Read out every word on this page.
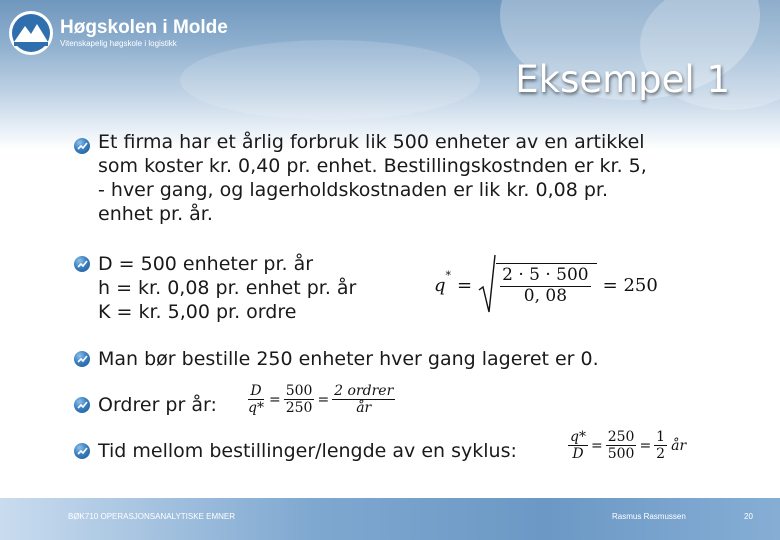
Høgskolen i Molde
Vitenskapelig høgskole i logistikk
Eksempel 1
Et firma har et årlig forbruk lik 500 enheter av en artikkel
som koster kr. 0,40 pr. enhet. Bestillingskostnden er kr. 5,
- hver gang, og lagerholdskostnaden er lik kr. 0,08 pr.
enhet pr. år.
D = 500 enheter pr. år
h = kr. 0,08 pr. enhet pr. år
K = kr. 5,00 pr. ordre
$q^* = \frac{2 \cdot 5 \cdot 500}{0, 08} = 250$
Man bør bestille 250 enheter hver gang lageret er 0.
Ordrer pr år: $\frac{D}{q*} = \frac{500}{250} = \frac{\text{2 ordrer}}{år}$
Tid mellom bestillinger/lengde av en syklus:	$\frac{q*}{D} = \frac{250}{500} = \frac{1}{2}$ år
BØK710 OPERASJONSANALYTISKE EMNER	Rasmus Rasmussen	20
